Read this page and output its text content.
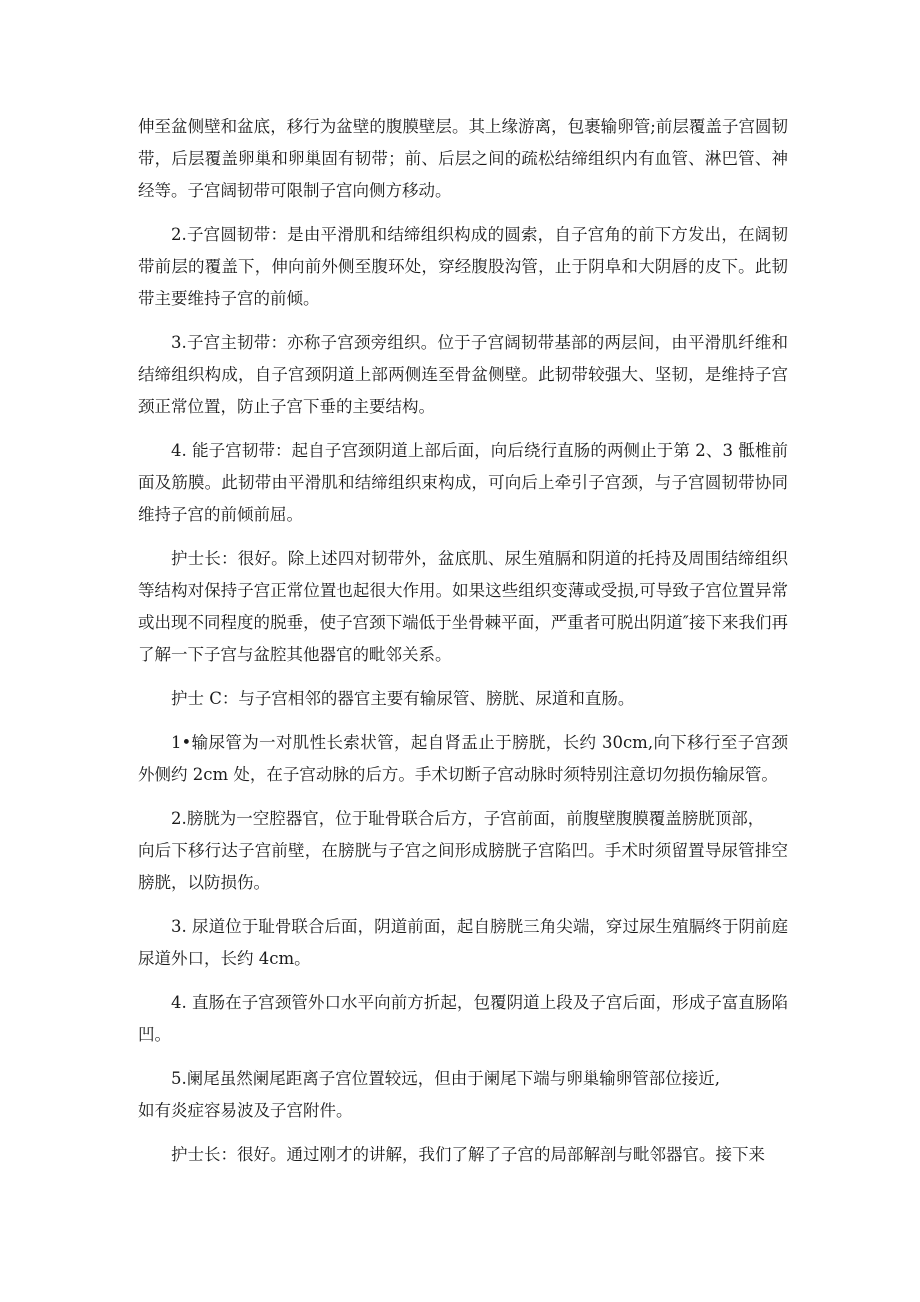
伸至盆侧壁和盆底，移行为盆壁的腹膜壁层。其上缘游离，包裹输卵管;前层覆盖子宫圆韧带，后层覆盖卵巢和卵巢固有韧带；前、后层之间的疏松结缔组织内有血管、淋巴管、神经等。子宫阔韧带可限制子宫向侧方移动。

2.子宫圆韧带：是由平滑肌和结缔组织构成的圆索，自子宫角的前下方发出，在阔韧带前层的覆盖下，伸向前外侧至腹环处，穿经腹股沟管，止于阴阜和大阴唇的皮下。此韧带主要维持子宫的前倾。

3.子宫主韧带：亦称子宫颈旁组织。位于子宫阔韧带基部的两层间，由平滑肌纤维和结缔组织构成，自子宫颈阴道上部两侧连至骨盆侧壁。此韧带较强大、坚韧，是维持子宫颈正常位置，防止子宫下垂的主要结构。

4. 能子宫韧带：起自子宫颈阴道上部后面，向后绕行直肠的两侧止于第 2、3 骶椎前面及筋膜。此韧带由平滑肌和结缔组织束构成，可向后上牵引子宫颈，与子宫圆韧带协同维持子宫的前倾前屈。

护士长：很好。除上述四对韧带外，盆底肌、尿生殖膈和阴道的托持及周围结缔组织等结构对保持子宫正常位置也起很大作用。如果这些组织变薄或受损,可导致子宫位置异常或出现不同程度的脱垂，使子宫颈下端低于坐骨棘平面，严重者可脱出阴道″接下来我们再了解一下子宫与盆腔其他器官的毗邻关系。

护士 C：与子宫相邻的器官主要有输尿管、膀胱、尿道和直肠。

1•输尿管为一对肌性长索状管，起自肾盂止于膀胱，长约 30cm,向下移行至子宫颈外侧约 2cm 处，在子宫动脉的后方。手术切断子宫动脉时须特别注意切勿损伤输尿管。

2.膀胱为一空腔器官，位于耻骨联合后方，子宫前面，前腹壁腹膜覆盖膀胱顶部，

向后下移行达子宫前壁，在膀胱与子宫之间形成膀胱子宫陷凹。手术时须留置导尿管排空膀胱，以防损伤。

3. 尿道位于耻骨联合后面，阴道前面，起自膀胱三角尖端，穿过尿生殖膈终于阴前庭尿道外口，长约 4cm。

4. 直肠在子宫颈管外口水平向前方折起，包覆阴道上段及子宫后面，形成子富直肠陷凹。

5.阑尾虽然阑尾距离子宫位置较远，但由于阑尾下端与卵巢输卵管部位接近,

如有炎症容易波及子宫附件。

护士长：很好。通过刚才的讲解，我们了解了子宫的局部解剖与毗邻器官。接下来
